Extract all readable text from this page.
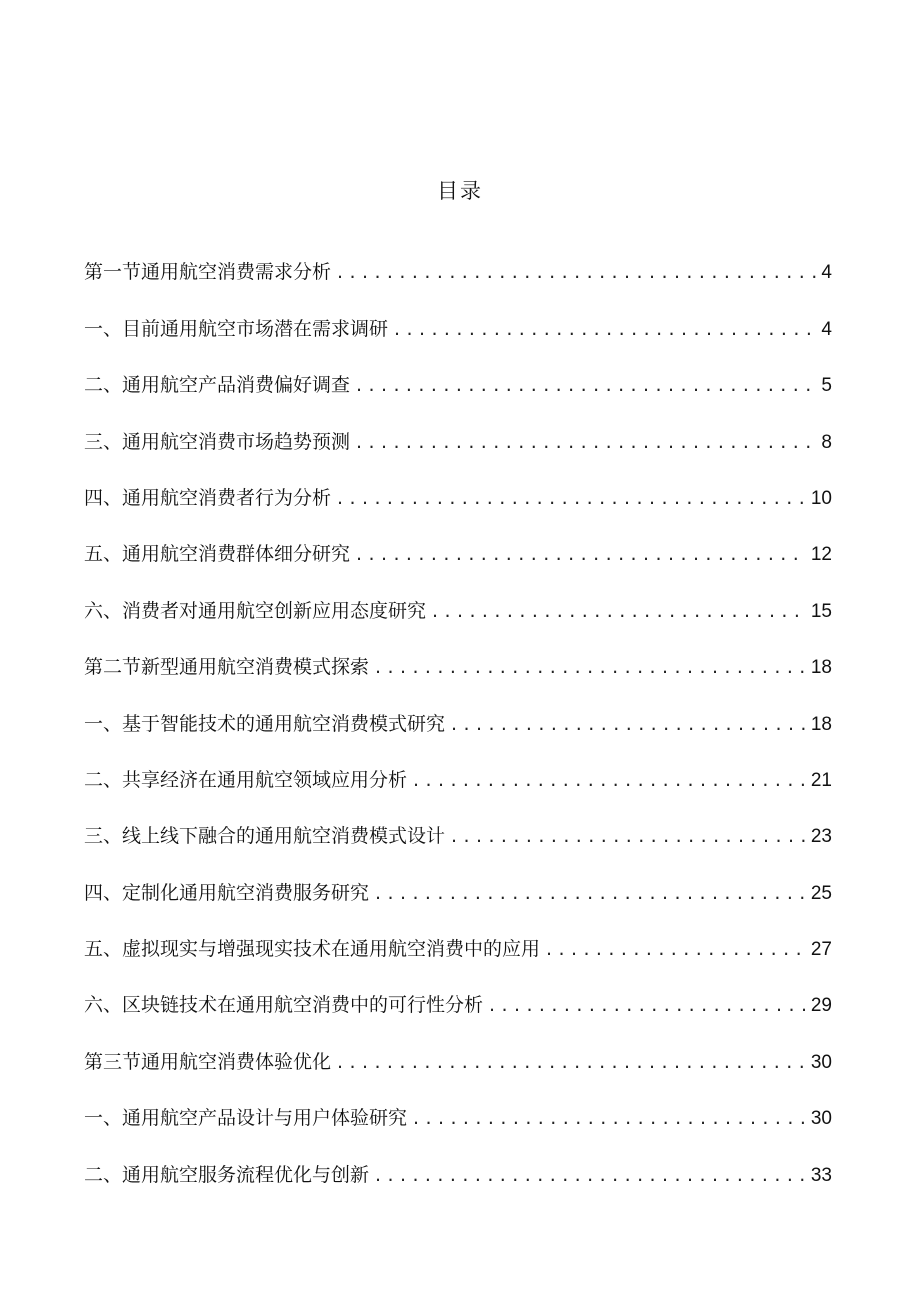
目录
第一节通用航空消费需求分析 . . .	4
一、目前通用航空市场潜在需求调研 . . .	4
二、通用航空产品消费偏好调查 . . .	5
三、通用航空消费市场趋势预测 . . .	8
四、通用航空消费者行为分析 . . .	10
五、通用航空消费群体细分研究 . . .	12
六、消费者对通用航空创新应用态度研究 . . .	15
第二节新型通用航空消费模式探索 . . .	18
一、基于智能技术的通用航空消费模式研究 . . .	18
二、共享经济在通用航空领域应用分析 . . .	21
三、线上线下融合的通用航空消费模式设计 . . .	23
四、定制化通用航空消费服务研究 . . .	25
五、虚拟现实与增强现实技术在通用航空消费中的应用 . . .	27
六、区块链技术在通用航空消费中的可行性分析 . . .	29
第三节通用航空消费体验优化 . . .	30
一、通用航空产品设计与用户体验研究 . . .	30
二、通用航空服务流程优化与创新 . . .	33
